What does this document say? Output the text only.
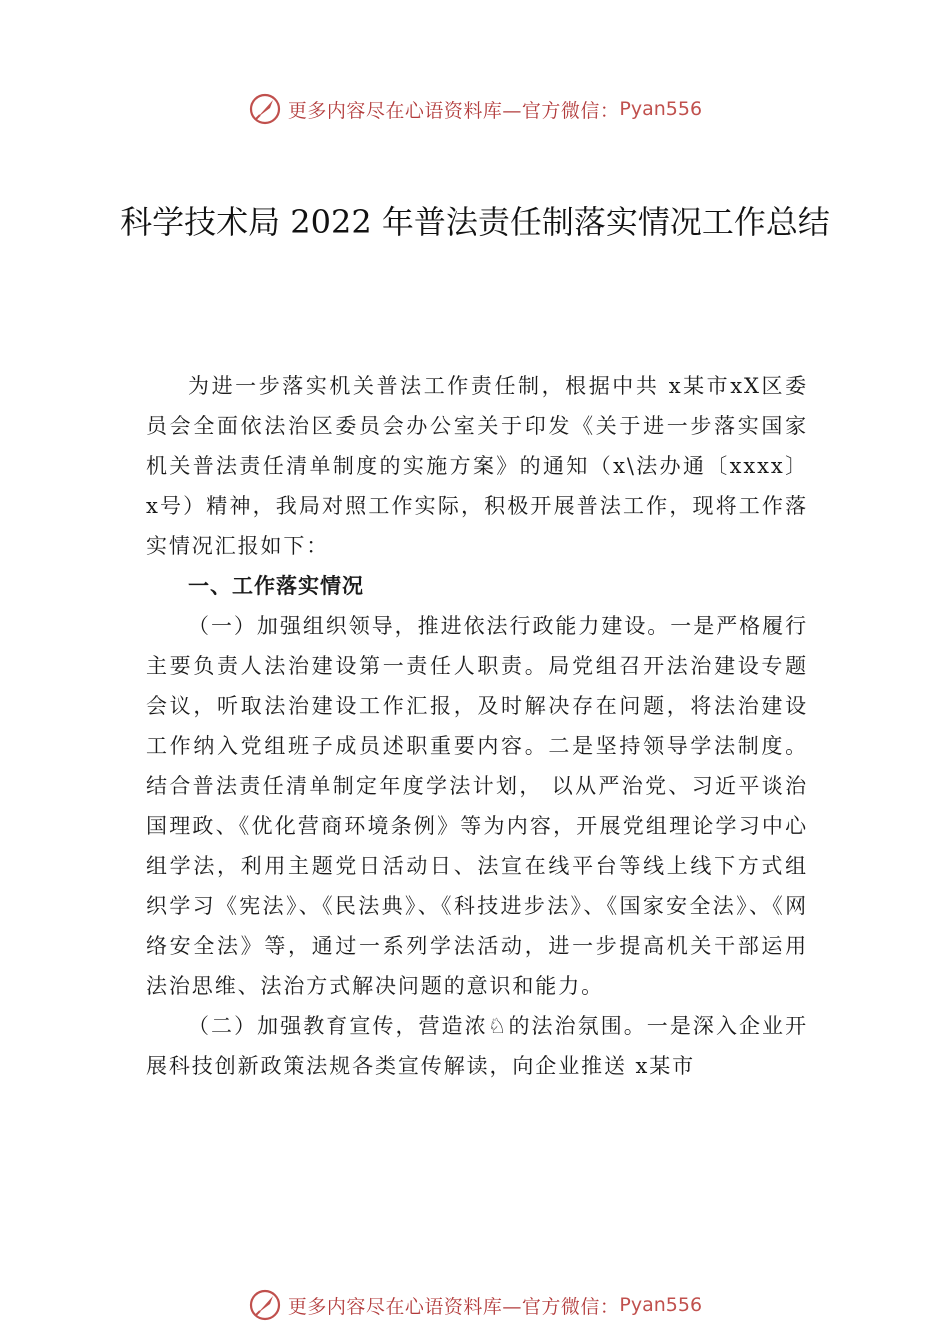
更多内容尽在心语资料库—官方微信： Pyan556
科学技术局 2022 年普法责任制落实情况工作总结

为进一步落实机关普法工作责任制，根据中共 x某市xX区委员会全面依法治区委员会办公室关于印发《关于进一步落实国家机关普法责任清单制度的实施方案》的通知（x\法办通〔xxxx〕x号）精神，我局对照工作实际，积极开展普法工作，现将工作落实情况汇报如下：

一、工作落实情况

（一）加强组织领导，推进依法行政能力建设。一是严格履行主要负责人法治建设第一责任人职责。局党组召开法治建设专题会议，听取法治建设工作汇报，及时解决存在问题，将法治建设工作纳入党组班子成员述职重要内容。二是坚持领导学法制度。结合普法责任清单制定年度学法计划， 以从严治党、习近平谈治国理政、《优化营商环境条例》等为内容，开展党组理论学习中心组学法，利用主题党日活动日、法宣在线平台等线上线下方式组织学习《宪法》、《民法典》、《科技进步法》、《国家安全法》、《网络安全法》等，通过一系列学法活动，进一步提高机关干部运用法治思维、法治方式解决问题的意识和能力。

（二）加强教育宣传，营造浓♘的法治氛围。一是深入企业开展科技创新政策法规各类宣传解读，向企业推送 x某市

更多内容尽在心语资料库—官方微信： Pyan556
